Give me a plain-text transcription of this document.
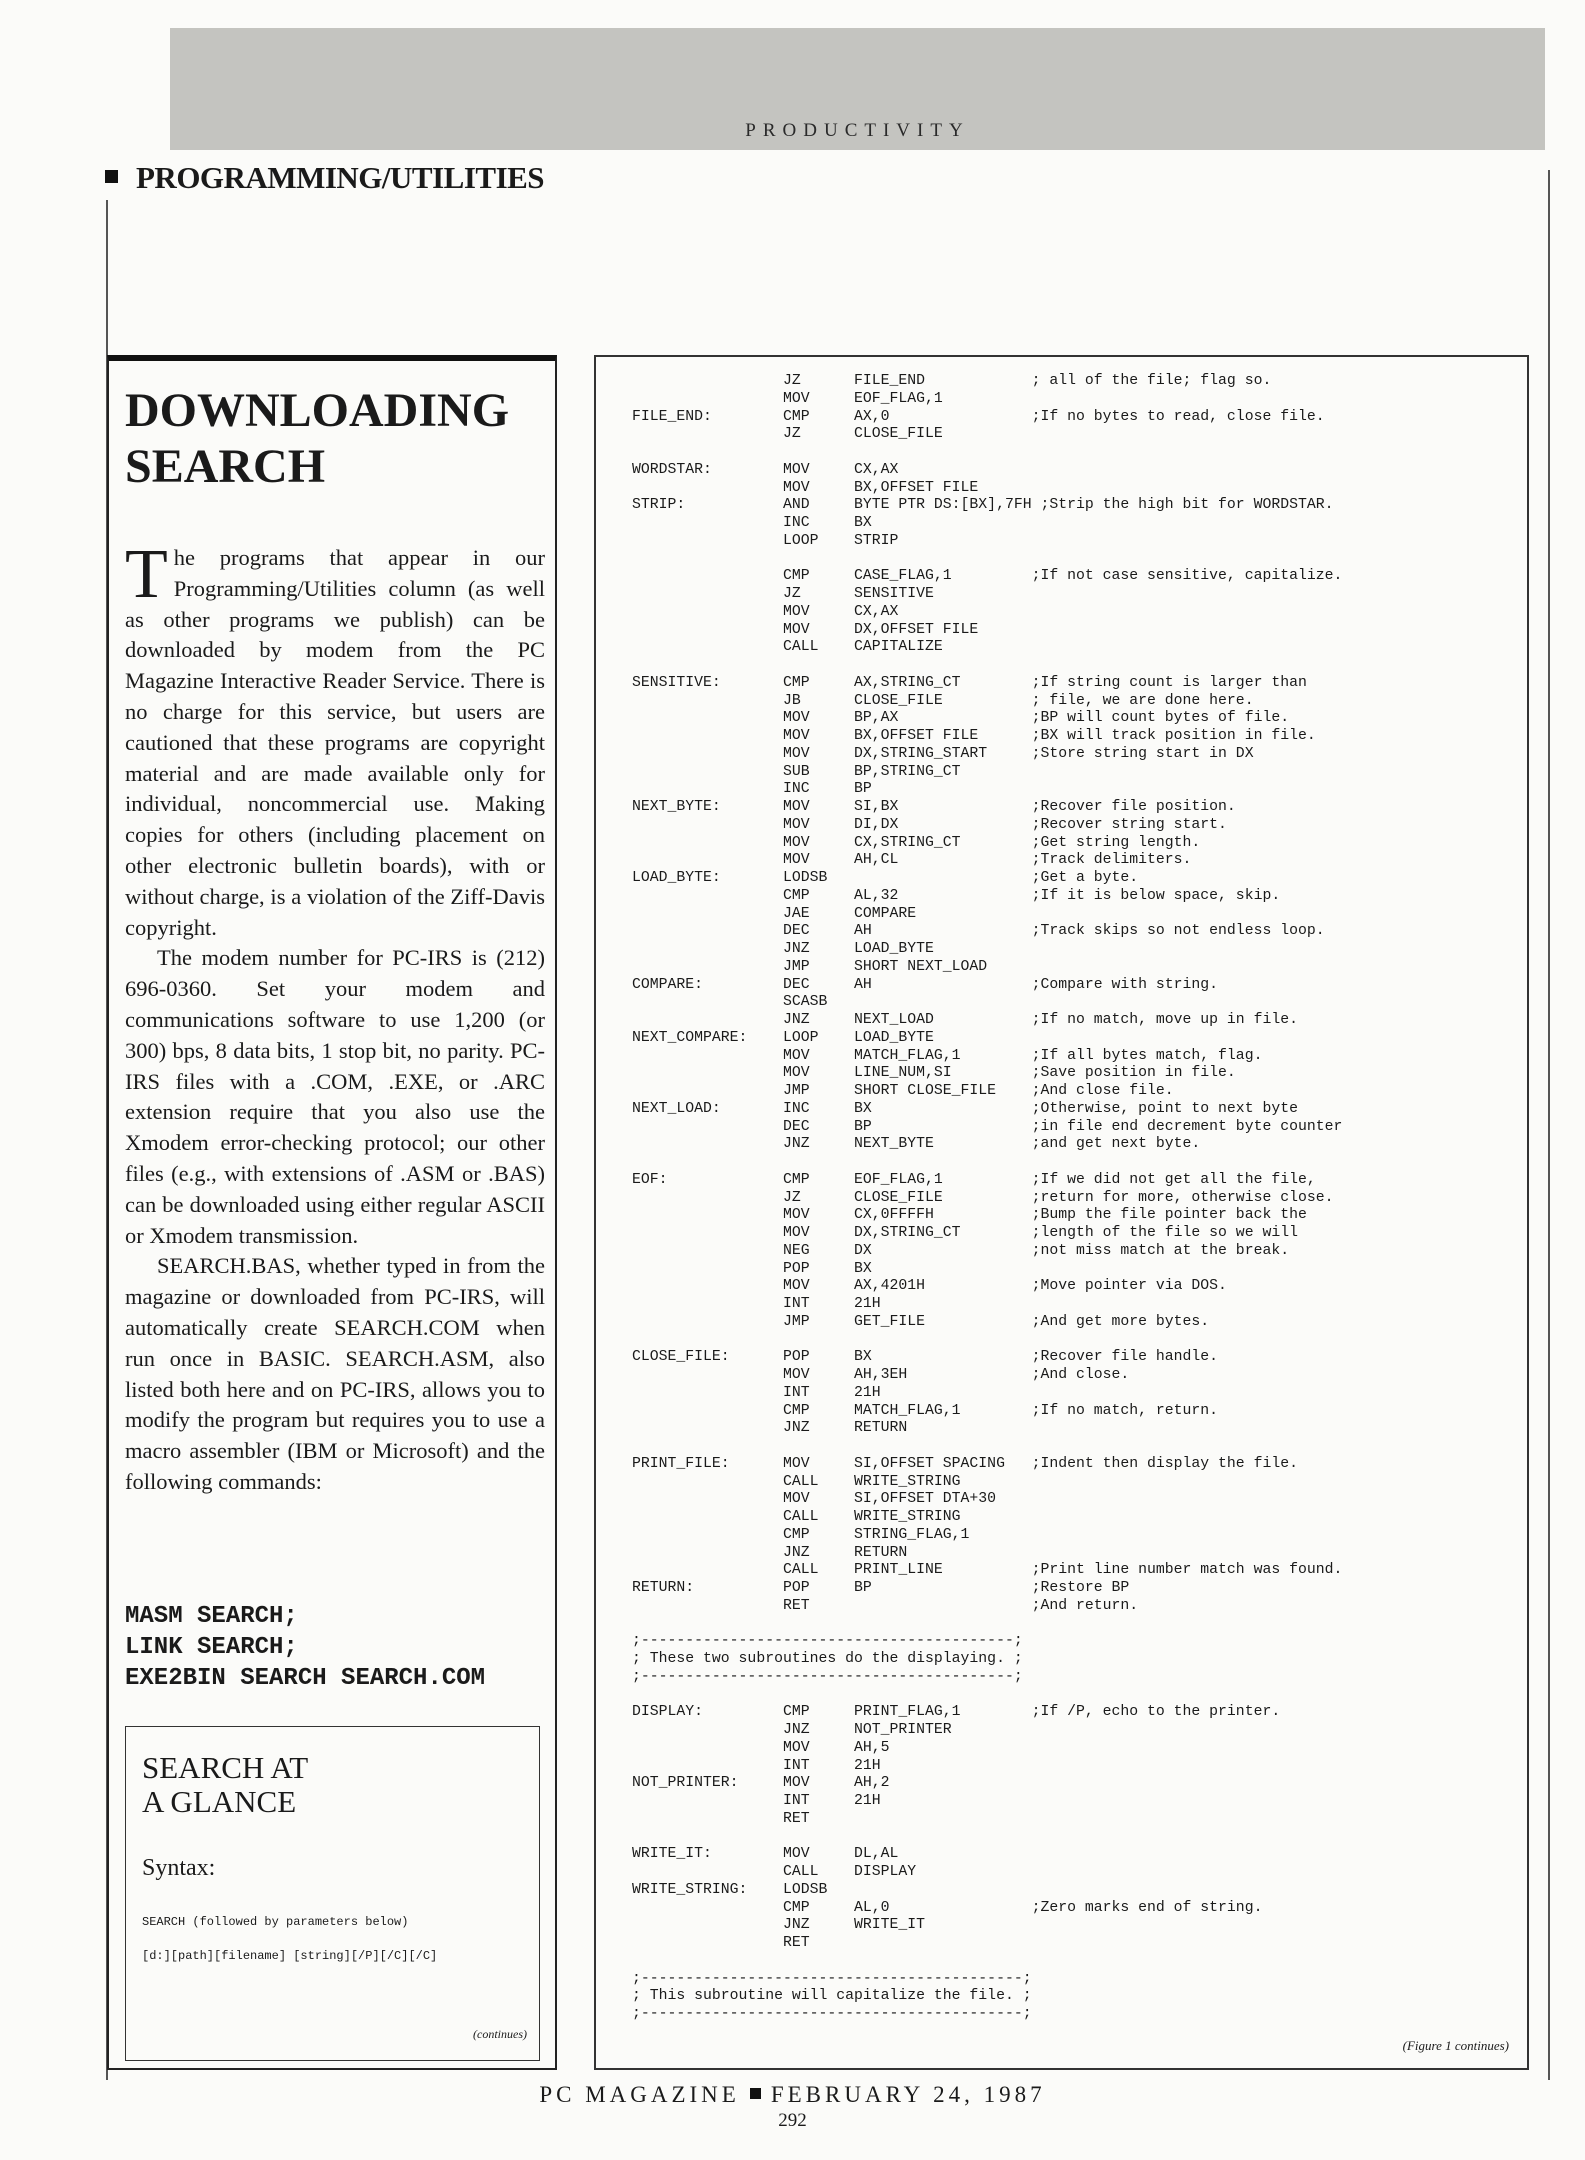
PRODUCTIVITY
PROGRAMMING/UTILITIES
DOWNLOADING
SEARCH

The programs that appear in our Programming/Utilities column (as well as other programs we publish) can be downloaded by modem from the PC Magazine Interactive Reader Service. There is no charge for this service, but users are cautioned that these programs are copyright material and are made available only for individual, noncommercial use. Making copies for others (including placement on other electronic bulletin boards), with or without charge, is a violation of the Ziff-Davis copyright.

The modem number for PC-IRS is (212) 696-0360. Set your modem and communications software to use 1,200 (or 300) bps, 8 data bits, 1 stop bit, no parity. PC-IRS files with a .COM, .EXE, or .ARC extension require that you also use the Xmodem error-checking protocol; our other files (e.g., with extensions of .ASM or .BAS) can be downloaded using either regular ASCII or Xmodem transmission.

SEARCH.BAS, whether typed in from the magazine or downloaded from PC-IRS, will automatically create SEARCH.COM when run once in BASIC. SEARCH.ASM, also listed both here and on PC-IRS, allows you to modify the program but requires you to use a macro assembler (IBM or Microsoft) and the following commands:

MASM SEARCH;
LINK SEARCH;
EXE2BIN SEARCH SEARCH.COM
SEARCH AT
A GLANCE
Syntax:
SEARCH (followed by parameters below)
[d:][path][filename] [string][/P][/C][/C]
(continues)
JZ      FILE_END            ; all of the file; flag so.
MOV     EOF_FLAG,1
FILE_END:        CMP     AX,0                ;If no bytes to read, close file.
JZ      CLOSE_FILE

WORDSTAR:        MOV     CX,AX
MOV     BX,OFFSET FILE
STRIP:           AND     BYTE PTR DS:[BX],7FH ;Strip the high bit for WORDSTAR.
INC     BX
LOOP    STRIP

CMP     CASE_FLAG,1         ;If not case sensitive, capitalize.
JZ      SENSITIVE
MOV     CX,AX
MOV     DX,OFFSET FILE
CALL    CAPITALIZE

SENSITIVE:       CMP     AX,STRING_CT        ;If string count is larger than
JB      CLOSE_FILE          ; file, we are done here.
MOV     BP,AX               ;BP will count bytes of file.
MOV     BX,OFFSET FILE      ;BX will track position in file.
MOV     DX,STRING_START     ;Store string start in DX
SUB     BP,STRING_CT
INC     BP
NEXT_BYTE:       MOV     SI,BX               ;Recover file position.
MOV     DI,DX               ;Recover string start.
MOV     CX,STRING_CT        ;Get string length.
MOV     AH,CL               ;Track delimiters.
LOAD_BYTE:       LODSB                       ;Get a byte.
CMP     AL,32               ;If it is below space, skip.
JAE     COMPARE
DEC     AH                  ;Track skips so not endless loop.
JNZ     LOAD_BYTE
JMP     SHORT NEXT_LOAD
COMPARE:         DEC     AH                  ;Compare with string.
SCASB
JNZ     NEXT_LOAD           ;If no match, move up in file.
NEXT_COMPARE:    LOOP    LOAD_BYTE
MOV     MATCH_FLAG,1        ;If all bytes match, flag.
MOV     LINE_NUM,SI         ;Save position in file.
JMP     SHORT CLOSE_FILE    ;And close file.
NEXT_LOAD:       INC     BX                  ;Otherwise, point to next byte
DEC     BP                  ;in file end decrement byte counter
JNZ     NEXT_BYTE           ;and get next byte.

EOF:             CMP     EOF_FLAG,1          ;If we did not get all the file,
JZ      CLOSE_FILE          ;return for more, otherwise close.
MOV     CX,0FFFFH           ;Bump the file pointer back the
MOV     DX,STRING_CT        ;length of the file so we will
NEG     DX                  ;not miss match at the break.
POP     BX
MOV     AX,4201H            ;Move pointer via DOS.
INT     21H
JMP     GET_FILE            ;And get more bytes.

CLOSE_FILE:      POP     BX                  ;Recover file handle.
MOV     AH,3EH              ;And close.
INT     21H
CMP     MATCH_FLAG,1        ;If no match, return.
JNZ     RETURN

PRINT_FILE:      MOV     SI,OFFSET SPACING   ;Indent then display the file.
CALL    WRITE_STRING
MOV     SI,OFFSET DTA+30
CALL    WRITE_STRING
CMP     STRING_FLAG,1
JNZ     RETURN
CALL    PRINT_LINE          ;Print line number match was found.
RETURN:          POP     BP                  ;Restore BP
RET                         ;And return.

;------------------------------------------;
; These two subroutines do the displaying. ;
;------------------------------------------;

DISPLAY:         CMP     PRINT_FLAG,1        ;If /P, echo to the printer.
JNZ     NOT_PRINTER
MOV     AH,5
INT     21H
NOT_PRINTER:     MOV     AH,2
INT     21H
RET

WRITE_IT:        MOV     DL,AL
CALL    DISPLAY
WRITE_STRING:    LODSB
CMP     AL,0                ;Zero marks end of string.
JNZ     WRITE_IT
RET

;-------------------------------------------;
; This subroutine will capitalize the file. ;
;-------------------------------------------;
(Figure 1 continues)
PC MAGAZINE FEBRUARY 24, 1987
292
